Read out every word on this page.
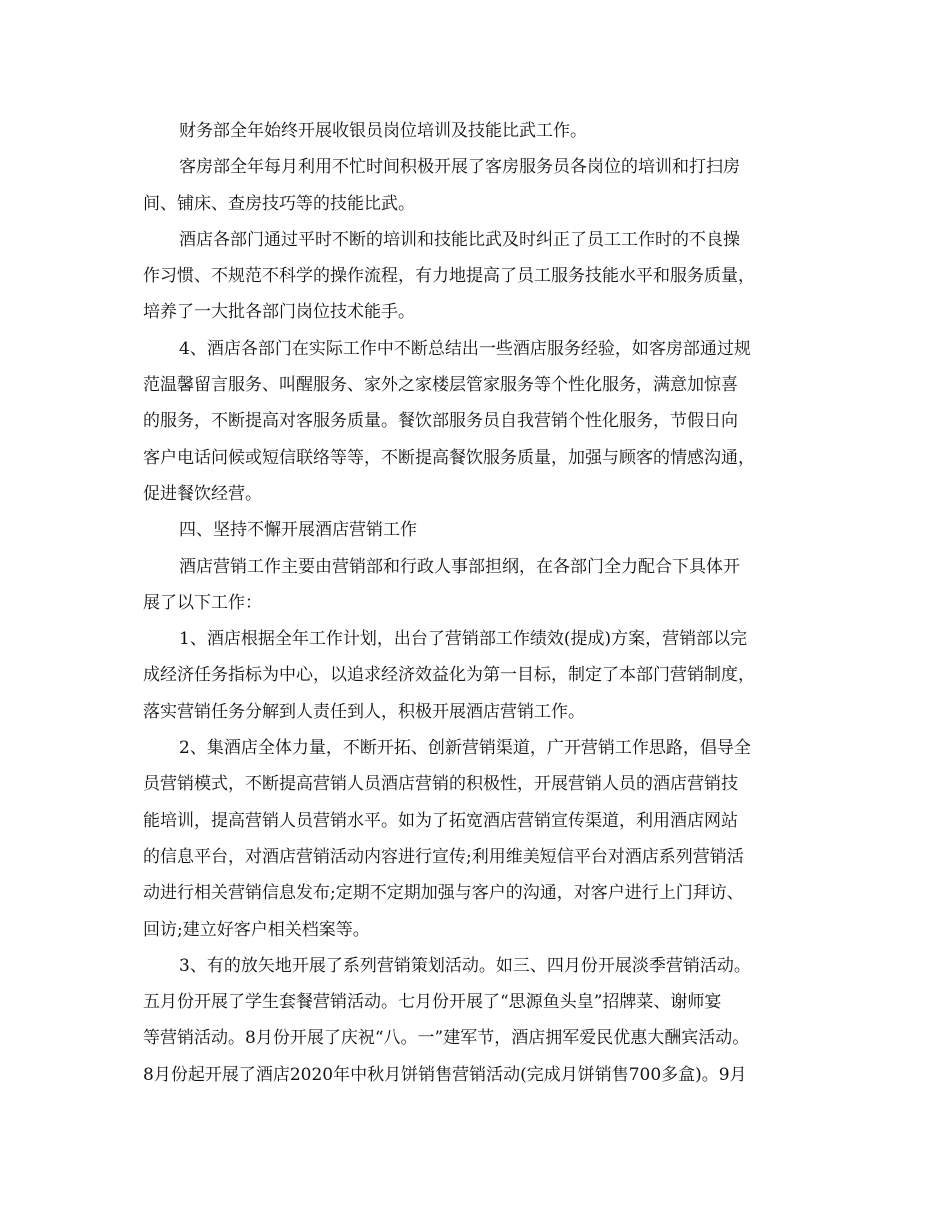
财务部全年始终开展收银员岗位培训及技能比武工作。
客房部全年每月利用不忙时间积极开展了客房服务员各岗位的培训和打扫房
间、铺床、查房技巧等的技能比武。
酒店各部门通过平时不断的培训和技能比武及时纠正了员工工作时的不良操
作习惯、不规范不科学的操作流程，有力地提高了员工服务技能水平和服务质量，
培养了一大批各部门岗位技术能手。
4、酒店各部门在实际工作中不断总结出一些酒店服务经验，如客房部通过规
范温馨留言服务、叫醒服务、家外之家楼层管家服务等个性化服务，满意加惊喜
的服务，不断提高对客服务质量。餐饮部服务员自我营销个性化服务，节假日向
客户电话问候或短信联络等等，不断提高餐饮服务质量，加强与顾客的情感沟通，
促进餐饮经营。
四、坚持不懈开展酒店营销工作
酒店营销工作主要由营销部和行政人事部担纲，在各部门全力配合下具体开
展了以下工作：
1、酒店根据全年工作计划，出台了营销部工作绩效(提成)方案，营销部以完
成经济任务指标为中心，以追求经济效益化为第一目标，制定了本部门营销制度，
落实营销任务分解到人责任到人，积极开展酒店营销工作。
2、集酒店全体力量，不断开拓、创新营销渠道，广开营销工作思路，倡导全
员营销模式，不断提高营销人员酒店营销的积极性，开展营销人员的酒店营销技
能培训，提高营销人员营销水平。如为了拓宽酒店营销宣传渠道，利用酒店网站
的信息平台，对酒店营销活动内容进行宣传;利用维美短信平台对酒店系列营销活
动进行相关营销信息发布;定期不定期加强与客户的沟通，对客户进行上门拜访、
回访;建立好客户相关档案等。
3、有的放矢地开展了系列营销策划活动。如三、四月份开展淡季营销活动。
五月份开展了学生套餐营销活动。七月份开展了“思源鱼头皇”招牌菜、谢师宴
等营销活动。8月份开展了庆祝“八。一”建军节，酒店拥军爱民优惠大酬宾活动。
8月份起开展了酒店2020年中秋月饼销售营销活动(完成月饼销售700多盒)。9月
